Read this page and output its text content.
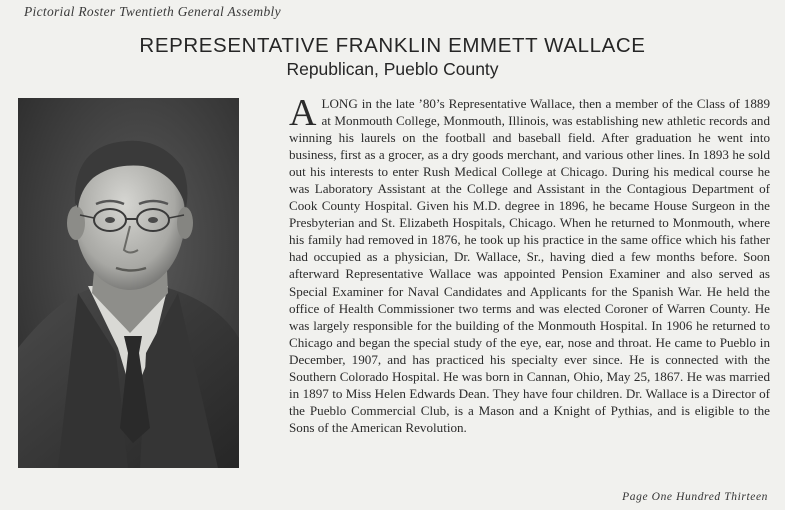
Pictorial Roster Twentieth General Assembly
REPRESENTATIVE FRANKLIN EMMETT WALLACE
Republican, Pueblo County
ALONG in the late ’80’s Representative Wallace, then a member of the Class of 1889 at Monmouth College, Monmouth, Illinois, was establishing new athletic records and winning his laurels on the football and baseball field. After graduation he went into business, first as a grocer, as a dry goods merchant, and various other lines. In 1893 he sold out his interests to enter Rush Medical College at Chicago. During his medical course he was Laboratory Assistant at the College and Assistant in the Contagious Department of Cook County Hospital. Given his M.D. degree in 1896, he became House Surgeon in the Presbyterian and St. Elizabeth Hospitals, Chicago. When he returned to Monmouth, where his family had removed in 1876, he took up his practice in the same office which his father had occupied as a physician, Dr. Wallace, Sr., having died a few months before. Soon afterward Representative Wallace was appointed Pension Examiner and also served as Special Examiner for Naval Candidates and Applicants for the Spanish War. He held the office of Health Commissioner two terms and was elected Coroner of Warren County. He was largely responsible for the building of the Monmouth Hospital. In 1906 he returned to Chicago and began the special study of the eye, ear, nose and throat. He came to Pueblo in December, 1907, and has practiced his specialty ever since. He is connected with the Southern Colorado Hospital. He was born in Cannan, Ohio, May 25, 1867. He was married in 1897 to Miss Helen Edwards Dean. They have four children. Dr. Wallace is a Director of the Pueblo Commercial Club, is a Mason and a Knight of Pythias, and is eligible to the Sons of the American Revolution.
Page One Hundred Thirteen
